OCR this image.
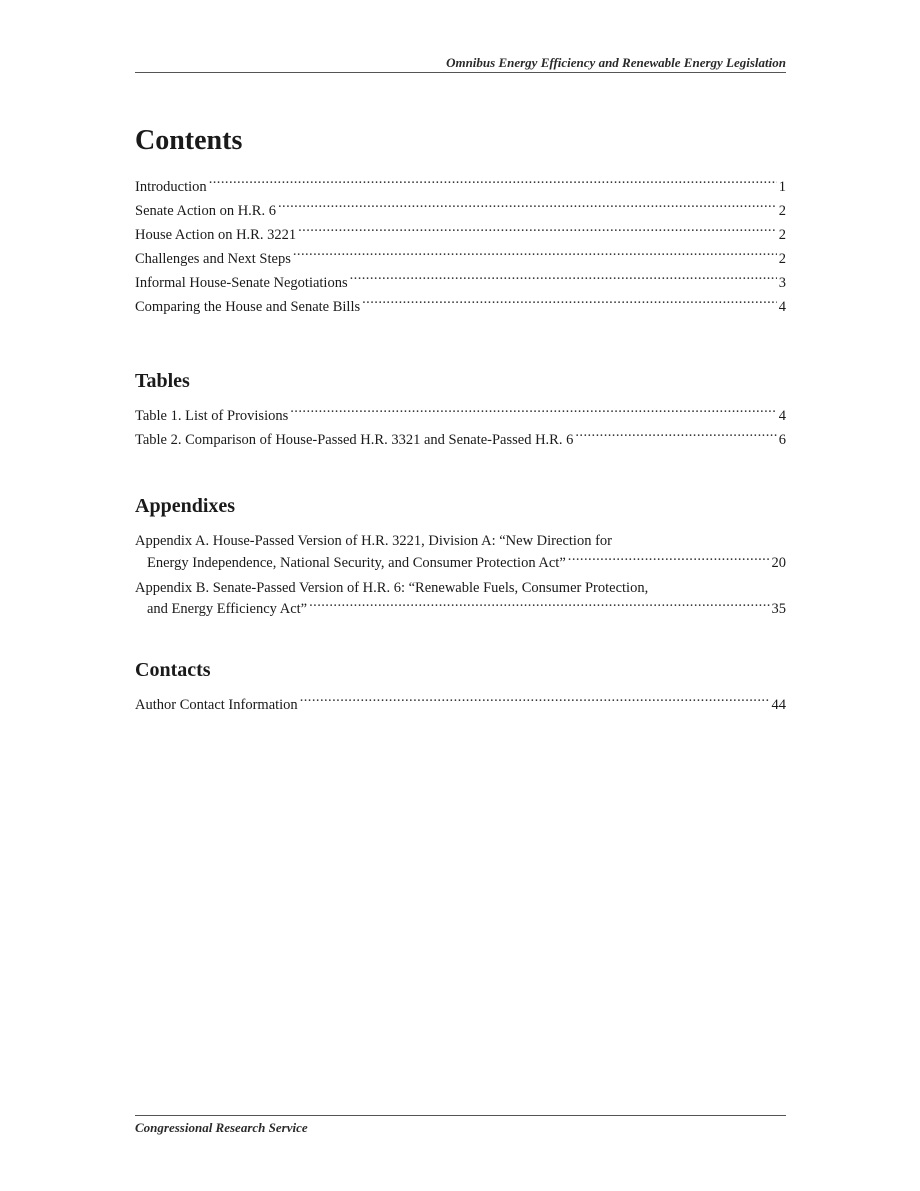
Omnibus Energy Efficiency and Renewable Energy Legislation
Contents
Introduction . . .	1
Senate Action on H.R. 6 . . .	2
House Action on H.R. 3221 . . .	2
Challenges and Next Steps . . .	2
Informal House-Senate Negotiations . . .	3
Comparing the House and Senate Bills . . .	4
Tables
Table 1. List of Provisions . . .	4
Table 2. Comparison of House-Passed H.R. 3321 and Senate-Passed H.R. 6 . . .	6
Appendixes
Appendix A. House-Passed Version of H.R. 3221, Division A: “New Direction for
Energy Independence, National Security, and Consumer Protection Act” . . .	20
Appendix B. Senate-Passed Version of H.R. 6: “Renewable Fuels, Consumer Protection,
and Energy Efficiency Act” . . .	35
Contacts
Author Contact Information . . .	44
Congressional Research Service
